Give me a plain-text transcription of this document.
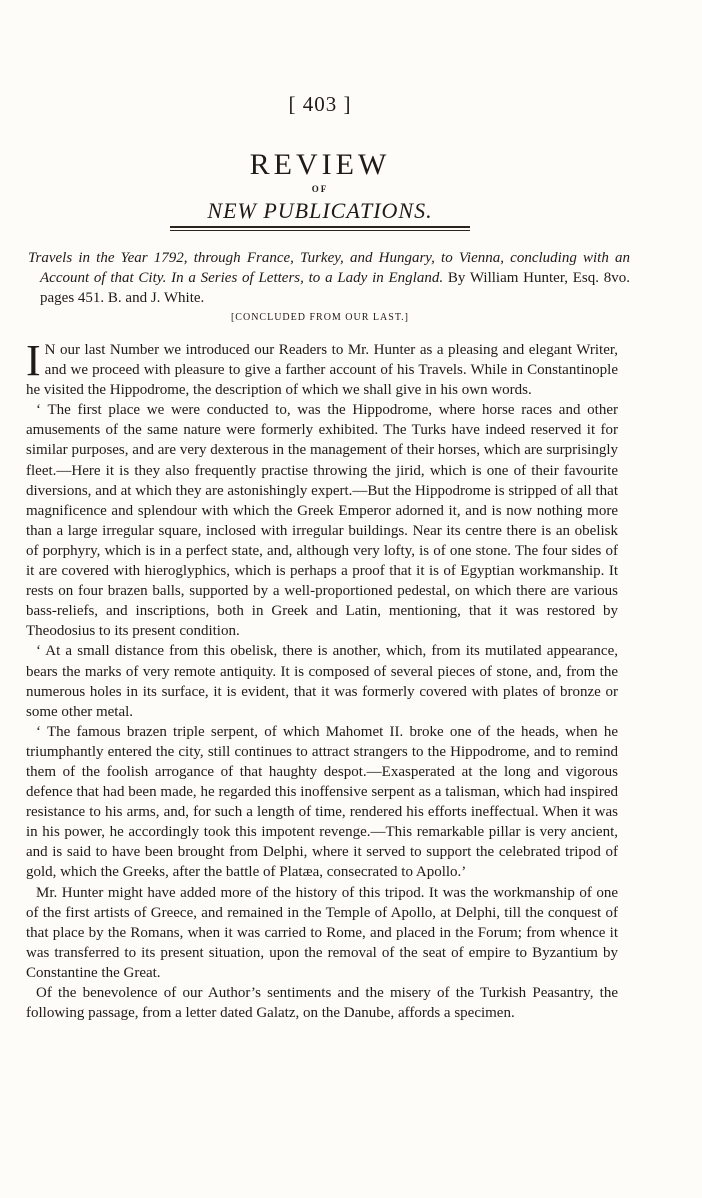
[ 403 ]
REVIEW
OF
NEW PUBLICATIONS.
Travels in the Year 1792, through France, Turkey, and Hungary, to Vienna, concluding with an Account of that City. In a Series of Letters, to a Lady in England. By William Hunter, Esq. 8vo. pages 451. B. and J. White.
[CONCLUDED FROM OUR LAST.]

I N our last Number we introduced our Readers to Mr. Hunter as a pleasing and elegant Writer, and we proceed with pleasure to give a farther account of his Travels. While in Constantinople he visited the Hippodrome, the description of which we shall give in his own words.

‘ The first place we were conducted to, was the Hippodrome, where horse races and other amusements of the same nature were formerly exhibited. The Turks have indeed reserved it for similar purposes, and are very dexterous in the management of their horses, which are surprisingly fleet.—Here it is they also frequently practise throwing the jirid, which is one of their favourite diversions, and at which they are astonishingly expert.—But the Hippodrome is stripped of all that magnificence and splendour with which the Greek Emperor adorned it, and is now nothing more than a large irregular square, inclosed with irregular buildings. Near its centre there is an obelisk of porphyry, which is in a perfect state, and, although very lofty, is of one stone. The four sides of it are covered with hieroglyphics, which is perhaps a proof that it is of Egyptian workmanship. It rests on four brazen balls, supported by a well-proportioned pedestal, on which there are various bass-reliefs, and inscriptions, both in Greek and Latin, mentioning, that it was restored by Theodosius to its present condition.

‘ At a small distance from this obelisk, there is another, which, from its mutilated appearance, bears the marks of very remote antiquity. It is composed of several pieces of stone, and, from the numerous holes in its surface, it is evident, that it was formerly covered with plates of bronze or some other metal.

‘ The famous brazen triple serpent, of which Mahomet II. broke one of the heads, when he triumphantly entered the city, still continues to attract strangers to the Hippodrome, and to remind them of the foolish arrogance of that haughty despot.—Exasperated at the long and vigorous defence that had been made, he regarded this inoffensive serpent as a talisman, which had inspired resistance to his arms, and, for such a length of time, rendered his efforts ineffectual. When it was in his power, he accordingly took this impotent revenge.—This remarkable pillar is very ancient, and is said to have been brought from Delphi, where it served to support the celebrated tripod of gold, which the Greeks, after the battle of Platæa, consecrated to Apollo.’

Mr. Hunter might have added more of the history of this tripod. It was the workmanship of one of the first artists of Greece, and remained in the Temple of Apollo, at Delphi, till the conquest of that place by the Romans, when it was carried to Rome, and placed in the Forum; from whence it was transferred to its present situation, upon the removal of the seat of empire to Byzantium by Constantine the Great.

Of the benevolence of our Author’s sentiments and the misery of the Turkish Peasantry, the following passage, from a letter dated Galatz, on the Danube, affords a specimen.
